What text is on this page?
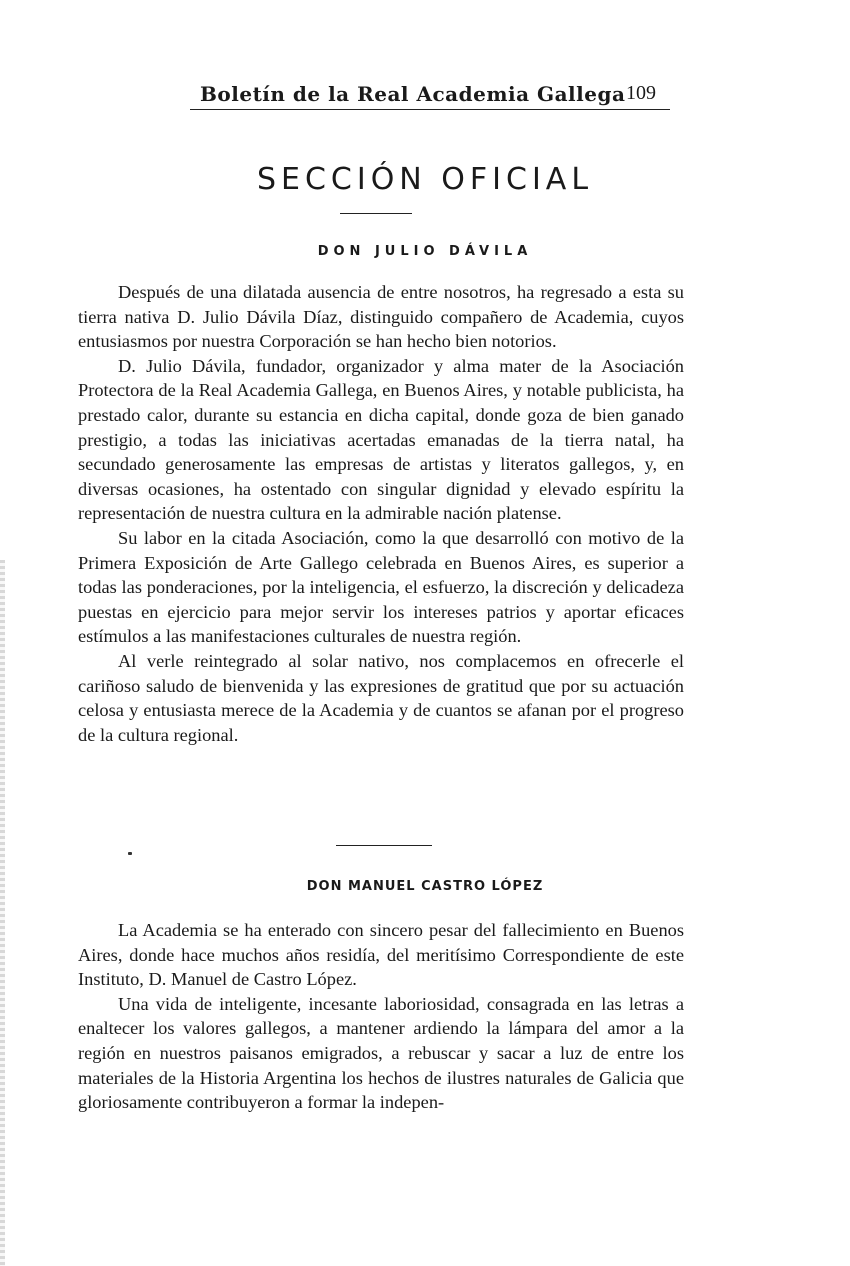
Boletín de la Real Academia Gallega 109
SECCIÓN OFICIAL
DON JULIO DÁVILA

Después de una dilatada ausencia de entre nosotros, ha regresado a esta su tierra nativa D. Julio Dávila Díaz, distinguido compañero de Academia, cuyos entusiasmos por nuestra Corporación se han hecho bien notorios.

D. Julio Dávila, fundador, organizador y alma mater de la Asociación Protectora de la Real Academia Gallega, en Buenos Aires, y notable publicista, ha prestado calor, durante su estancia en dicha capital, donde goza de bien ganado prestigio, a todas las iniciativas acertadas emanadas de la tierra natal, ha secundado generosamente las empresas de artistas y literatos gallegos, y, en diversas ocasiones, ha ostentado con singular dignidad y elevado espíritu la representación de nuestra cultura en la admirable nación platense.

Su labor en la citada Asociación, como la que desarrolló con motivo de la Primera Exposición de Arte Gallego celebrada en Buenos Aires, es superior a todas las ponderaciones, por la inteligencia, el esfuerzo, la discreción y delicadeza puestas en ejercicio para mejor servir los intereses patrios y aportar eficaces estímulos a las manifestaciones culturales de nuestra región.

Al verle reintegrado al solar nativo, nos complacemos en ofrecerle el cariñoso saludo de bienvenida y las expresiones de gratitud que por su actuación celosa y entusiasta merece de la Academia y de cuantos se afanan por el progreso de la cultura regional.

DON MANUEL CASTRO LÓPEZ

La Academia se ha enterado con sincero pesar del fallecimiento en Buenos Aires, donde hace muchos años residía, del meritísimo Correspondiente de este Instituto, D. Manuel de Castro López.

Una vida de inteligente, incesante laboriosidad, consagrada en las letras a enaltecer los valores gallegos, a mantener ardiendo la lámpara del amor a la región en nuestros paisanos emigrados, a rebuscar y sacar a luz de entre los materiales de la Historia Argentina los hechos de ilustres naturales de Galicia que gloriosamente contribuyeron a formar la indepen-
